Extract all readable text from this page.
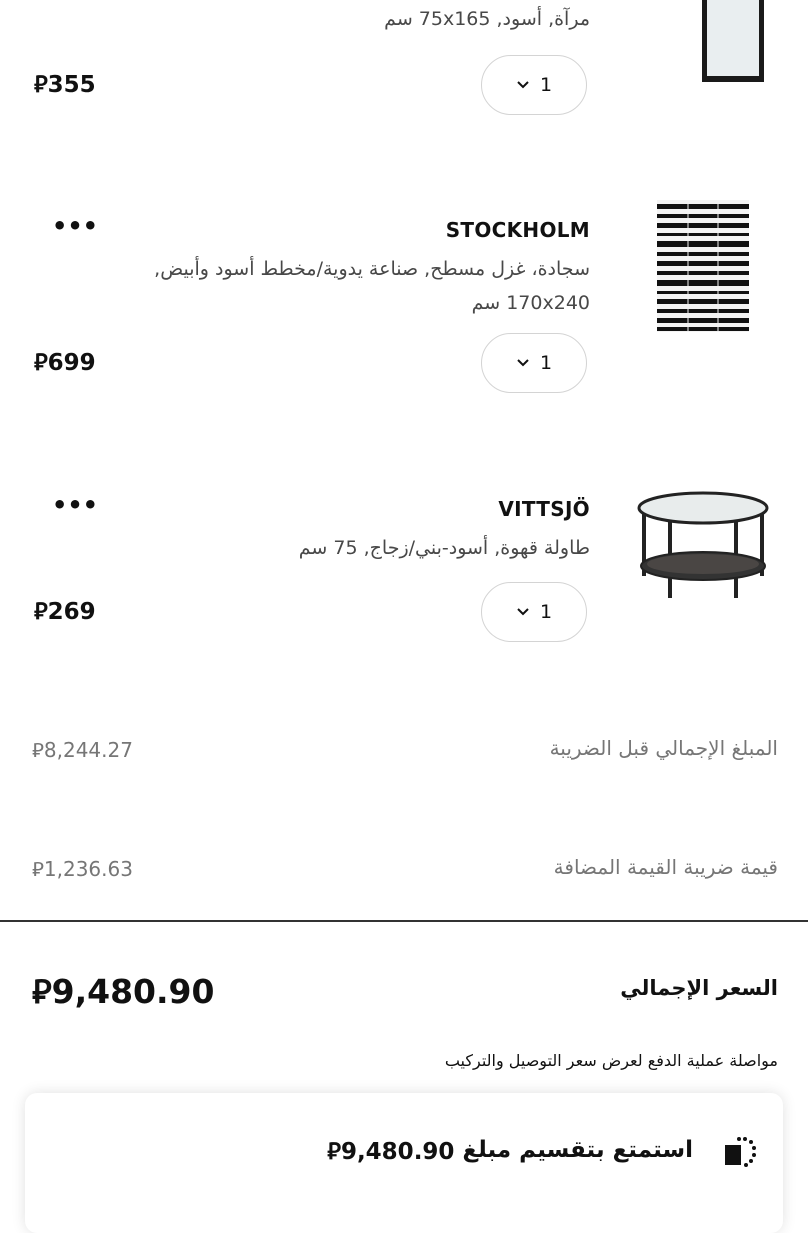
مرآة, أسود, 75x165 سم
⃁355	1
•••	STOCKHOLM
سجادة، غزل مسطح, صناعة يدوية/مخطط أسود وأبيض, 170x240 سم
⃁699	1
•••	VITTSJÖ
طاولة قهوة, أسود-بني/زجاج, 75 سم
⃁269	1
المبلغ الإجمالي قبل الضريبة
⃁8,244.27
قيمة ضريبة القيمة المضافة
⃁1,236.63
السعر الإجمالي
⃁9,480.90
مواصلة عملية الدفع لعرض سعر التوصيل والتركيب
استمتع بتقسيم مبلغ
⃁9,480.90
